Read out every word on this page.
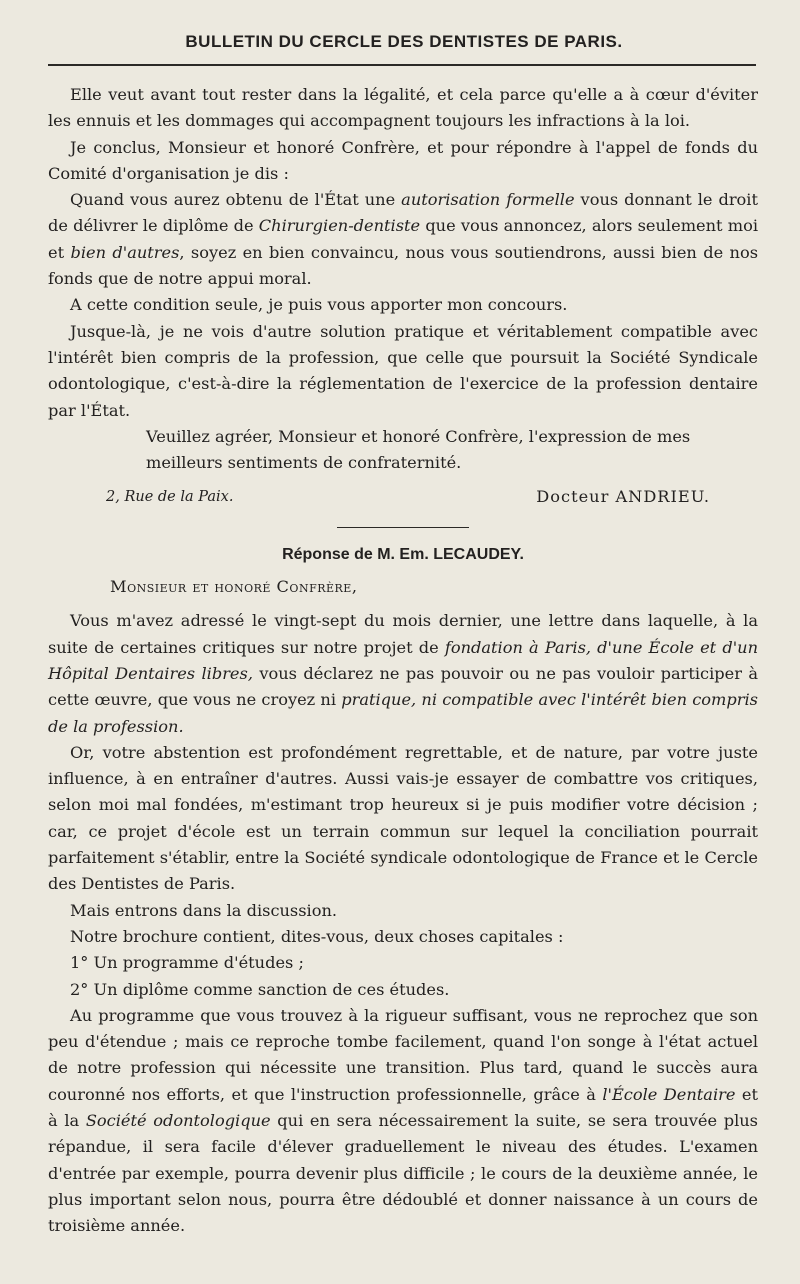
BULLETIN DU CERCLE DES DENTISTES DE PARIS.

Elle veut avant tout rester dans la légalité, et cela parce qu'elle a à cœur d'éviter les ennuis et les dommages qui accompagnent toujours les infractions à la loi.

Je conclus, Monsieur et honoré Confrère, et pour répondre à l'appel de fonds du Comité d'organisation je dis :

Quand vous aurez obtenu de l'État une autorisation formelle vous donnant le droit de délivrer le diplôme de Chirurgien-dentiste que vous annoncez, alors seulement moi et bien d'autres, soyez en bien convaincu, nous vous soutiendrons, aussi bien de nos fonds que de notre appui moral.

A cette condition seule, je puis vous apporter mon concours.

Jusque-là, je ne vois d'autre solution pratique et véritablement compatible avec l'intérêt bien compris de la profession, que celle que poursuit la Société Syndicale odontologique, c'est-à-dire la réglementation de l'exercice de la profession dentaire par l'État.

Veuillez agréer, Monsieur et honoré Confrère, l'expression de mes
meilleurs sentiments de confraternité.
2, Rue de la Paix.	Docteur ANDRIEU.
Réponse de M. Em. LECAUDEY.
Monsieur et honoré Confrère,

Vous m'avez adressé le vingt-sept du mois dernier, une lettre dans laquelle, à la suite de certaines critiques sur notre projet de fondation à Paris, d'une École et d'un Hôpital Dentaires libres, vous déclarez ne pas pouvoir ou ne pas vouloir participer à cette œuvre, que vous ne croyez ni pratique, ni compatible avec l'intérêt bien compris de la profession.

Or, votre abstention est profondément regrettable, et de nature, par votre juste influence, à en entraîner d'autres. Aussi vais-je essayer de combattre vos critiques, selon moi mal fondées, m'estimant trop heureux si je puis modifier votre décision ; car, ce projet d'école est un terrain commun sur lequel la conciliation pourrait parfaitement s'établir, entre la Société syndicale odontologique de France et le Cercle des Dentistes de Paris.

Mais entrons dans la discussion.

Notre brochure contient, dites-vous, deux choses capitales :

1° Un programme d'études ;

2° Un diplôme comme sanction de ces études.

Au programme que vous trouvez à la rigueur suffisant, vous ne reprochez que son peu d'étendue ; mais ce reproche tombe facilement, quand l'on songe à l'état actuel de notre profession qui nécessite une transition. Plus tard, quand le succès aura couronné nos efforts, et que l'instruction professionnelle, grâce à l'École Dentaire et à la Société odontologique qui en sera nécessairement la suite, se sera trouvée plus répandue, il sera facile d'élever graduellement le niveau des études. L'examen d'entrée par exemple, pourra devenir plus difficile ; le cours de la deuxième année, le plus important selon nous, pourra être dédoublé et donner naissance à un cours de troisième année.
